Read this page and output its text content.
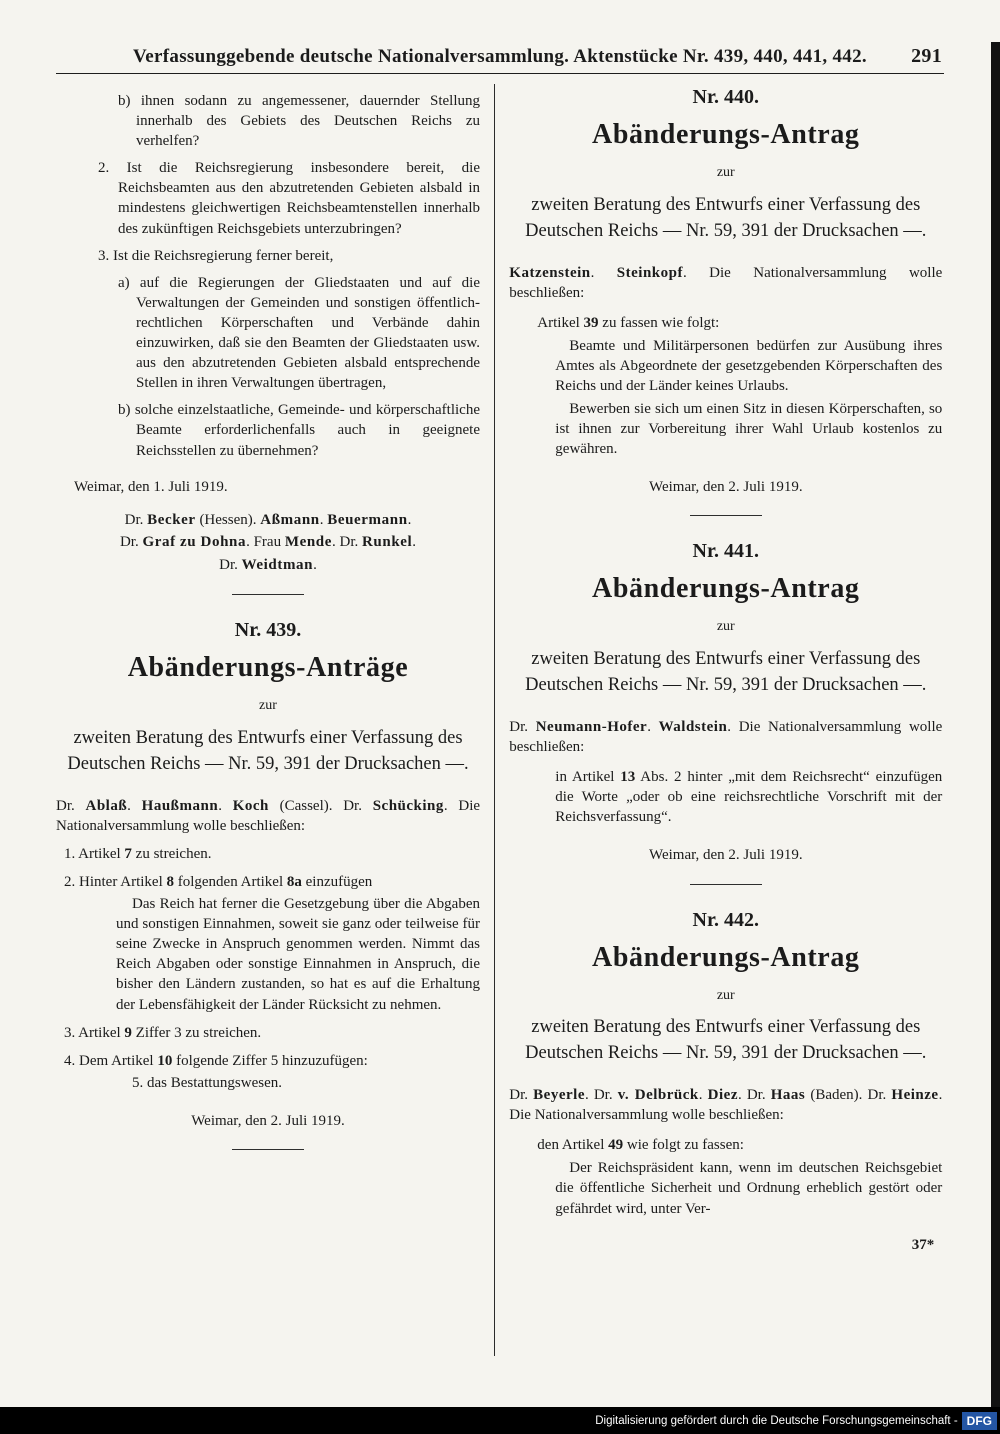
Verfassunggebende deutsche Nationalversammlung. Aktenstücke Nr. 439, 440, 441, 442. 291

b) ihnen sodann zu angemessener, dauernder Stellung innerhalb des Gebiets des Deutschen Reichs zu verhelfen?

2. Ist die Reichsregierung insbesondere bereit, die Reichsbeamten aus den abzutretenden Gebieten alsbald in mindestens gleichwertigen Reichsbeamtenstellen innerhalb des zukünftigen Reichsgebiets unterzubringen?

3. Ist die Reichsregierung ferner bereit,

a) auf die Regierungen der Gliedstaaten und auf die Verwaltungen der Gemeinden und sonstigen öffentlich-rechtlichen Körperschaften und Verbände dahin einzuwirken, daß sie den Beamten der Gliedstaaten usw. aus den abzutretenden Gebieten alsbald entsprechende Stellen in ihren Verwaltungen übertragen,

b) solche einzelstaatliche, Gemeinde- und körperschaftliche Beamte erforderlichenfalls auch in geeignete Reichsstellen zu übernehmen?

Weimar, den 1. Juli 1919.

Dr. Becker (Hessen). Aßmann. Beuermann.

Dr. Graf zu Dohna. Frau Mende. Dr. Runkel.

Dr. Weidtman.

Nr. 439.
Abänderungs-Anträge

zur

zweiten Beratung des Entwurfs einer Verfassung des Deutschen Reichs — Nr. 59, 391 der Drucksachen —.

Dr. Ablaß. Haußmann. Koch (Cassel). Dr. Schücking. Die Nationalversammlung wolle beschließen:

1. Artikel 7 zu streichen.

2. Hinter Artikel 8 folgenden Artikel 8a einzufügen

Das Reich hat ferner die Gesetzgebung über die Abgaben und sonstigen Einnahmen, soweit sie ganz oder teilweise für seine Zwecke in Anspruch genommen werden. Nimmt das Reich Abgaben oder sonstige Einnahmen in Anspruch, die bisher den Ländern zustanden, so hat es auf die Erhaltung der Lebensfähigkeit der Länder Rücksicht zu nehmen.

3. Artikel 9 Ziffer 3 zu streichen.

4. Dem Artikel 10 folgende Ziffer 5 hinzuzufügen:

5. das Bestattungswesen.

Weimar, den 2. Juli 1919.

Nr. 440.
Abänderungs-Antrag

zur

zweiten Beratung des Entwurfs einer Verfassung des Deutschen Reichs — Nr. 59, 391 der Drucksachen —.

Katzenstein. Steinkopf. Die Nationalversammlung wolle beschließen:

Artikel 39 zu fassen wie folgt:

Beamte und Militärpersonen bedürfen zur Ausübung ihres Amtes als Abgeordnete der gesetzgebenden Körperschaften des Reichs und der Länder keines Urlaubs.

Bewerben sie sich um einen Sitz in diesen Körperschaften, so ist ihnen zur Vorbereitung ihrer Wahl Urlaub kostenlos zu gewähren.

Weimar, den 2. Juli 1919.

Nr. 441.
Abänderungs-Antrag

zur

zweiten Beratung des Entwurfs einer Verfassung des Deutschen Reichs — Nr. 59, 391 der Drucksachen —.

Dr. Neumann-Hofer. Waldstein. Die Nationalversammlung wolle beschließen:

in Artikel 13 Abs. 2 hinter „mit dem Reichsrecht“ einzufügen die Worte „oder ob eine reichsrechtliche Vorschrift mit der Reichsverfassung“.

Weimar, den 2. Juli 1919.

Nr. 442.
Abänderungs-Antrag

zur

zweiten Beratung des Entwurfs einer Verfassung des Deutschen Reichs — Nr. 59, 391 der Drucksachen —.

Dr. Beyerle. Dr. v. Delbrück. Diez. Dr. Haas (Baden). Dr. Heinze. Die Nationalversammlung wolle beschließen:

den Artikel 49 wie folgt zu fassen:

Der Reichspräsident kann, wenn im deutschen Reichsgebiet die öffentliche Sicherheit und Ordnung erheblich gestört oder gefährdet wird, unter Ver-

37*

Digitalisierung gefördert durch die Deutsche Forschungsgemeinschaft - DFG
